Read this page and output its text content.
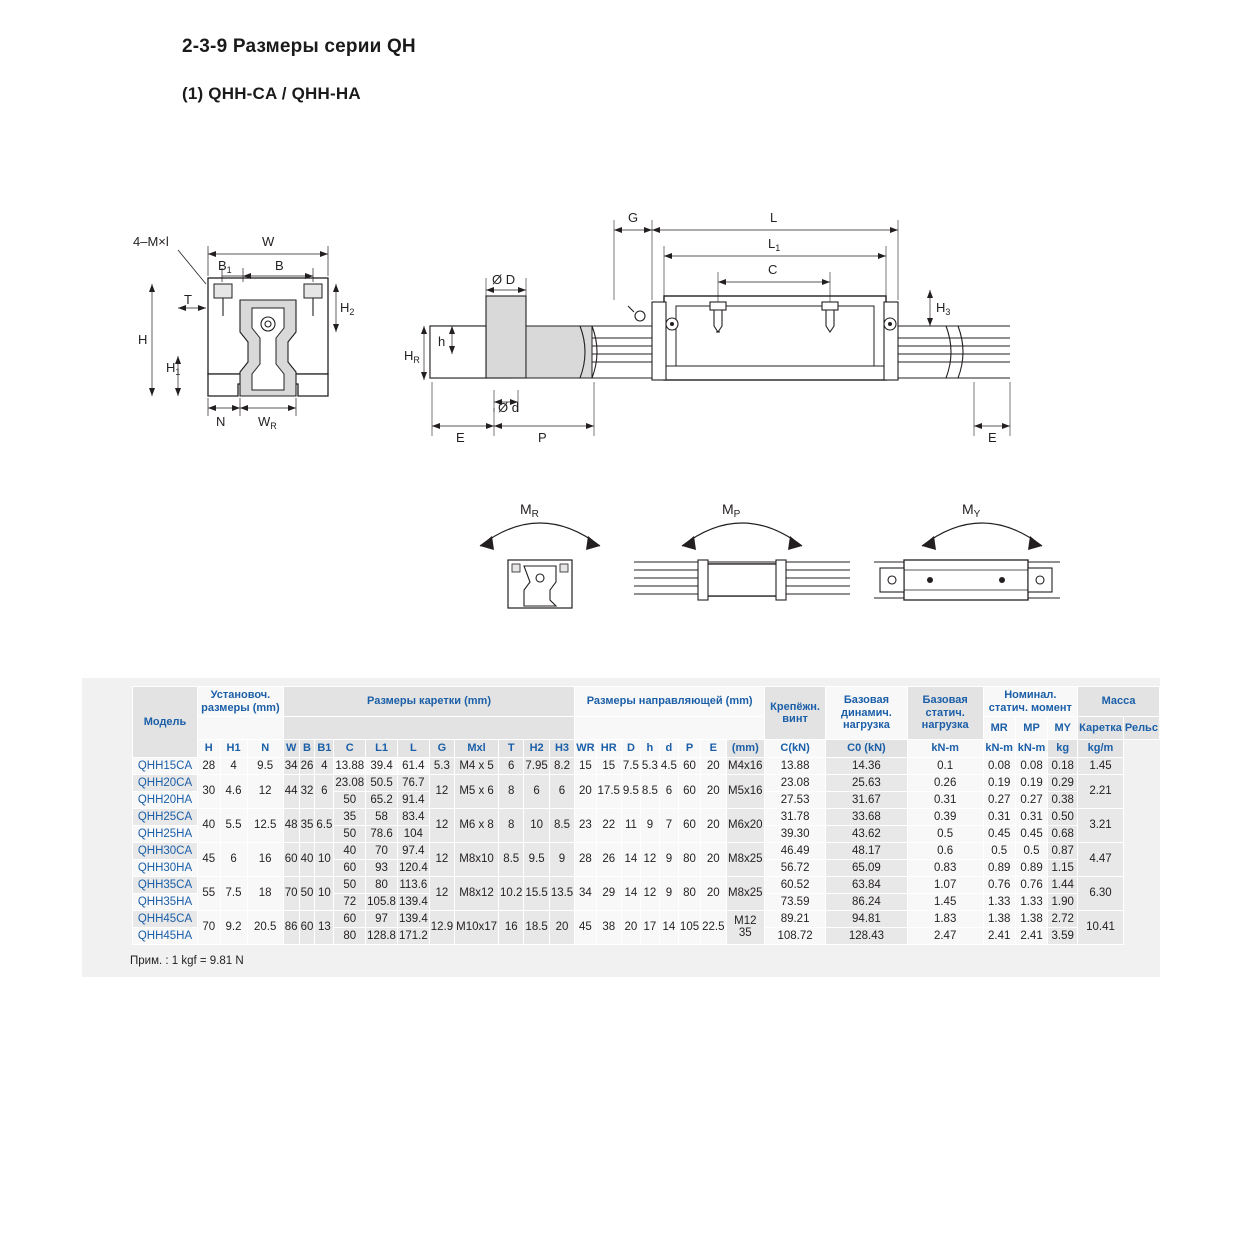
2-3-9 Размеры серии QH
(1) QHH-CA / QHH-HA
W
B
$B_1$
4–M×l
$H_2$
T
H
$H_1$
N	$W_R$
L
G
$L_1$
C
$H_3$
Ø D
h
$H_R$
Ø d
E	P	E
$M_R$	$M_P$	$M_Y$
	Модель	Установоч. размеры (mm)			Размеры каретки (mm)											Размеры направляющей (mm)								Крепёжн. винт	Базовая динамич. нагрузка	Базовая статич. нагрузка	Номинал. статич. момент			Масса	
																											MR	MP	MY	Каретка	Рельс
		H	H1	N	W	B	B1	C	L1	L	G	Mxl	T	H2	H3	WR	HR	D	h	d	P	E	(mm)	C(kN)	C0 (kN)	kN-m	kN-m	kN-m	kg	kg/m	
	QHH15CA	28	4	9.5	34	26	4	13.88	39.4	61.4	5.3	M4 x 5	6	7.95	8.2	15	15	7.5	5.3	4.5	60	20	M4x16	13.88	14.36	0.1	0.08	0.08	0.18	1.45	
	QHH20CA	30	4.6	12	44	32	6	23.08	50.5	76.7	12	M5 x 6	8	6	6	20	17.5	9.5	8.5	6	60	20	M5x16	23.08	25.63	0.26	0.19	0.19	0.29	2.21	
	QHH20HA							50	65.2	91.4														27.53	31.67	0.31	0.27	0.27	0.38		
	QHH25CA	40	5.5	12.5	48	35	6.5	35	58	83.4	12	M6 x 8	8	10	8.5	23	22	11	9	7	60	20	M6x20	31.78	33.68	0.39	0.31	0.31	0.50	3.21	
	QHH25HA							50	78.6	104														39.30	43.62	0.5	0.45	0.45	0.68		
	QHH30CA	45	6	16	60	40	10	40	70	97.4	12	M8x10	8.5	9.5	9	28	26	14	12	9	80	20	M8x25	46.49	48.17	0.6	0.5	0.5	0.87	4.47	
	QHH30HA							60	93	120.4														56.72	65.09	0.83	0.89	0.89	1.15		
	QHH35CA	55	7.5	18	70	50	10	50	80	113.6	12	M8x12	10.2	15.5	13.5	34	29	14	12	9	80	20	M8x25	60.52	63.84	1.07	0.76	0.76	1.44	6.30	
	QHH35HA							72	105.8	139.4														73.59	86.24	1.45	1.33	1.33	1.90		
	QHH45CA	70	9.2	20.5	86	60	13	60	97	139.4	12.9	M10x17	16	18.5	20	45	38	20	17	14	105	22.5	M12 35	89.21	94.81	1.83	1.38	1.38	2.72	10.41	
	QHH45HA							80	128.8	171.2														108.72	128.43	2.47	2.41	2.41	3.59		
Прим. : 1 kgf = 9.81 N
